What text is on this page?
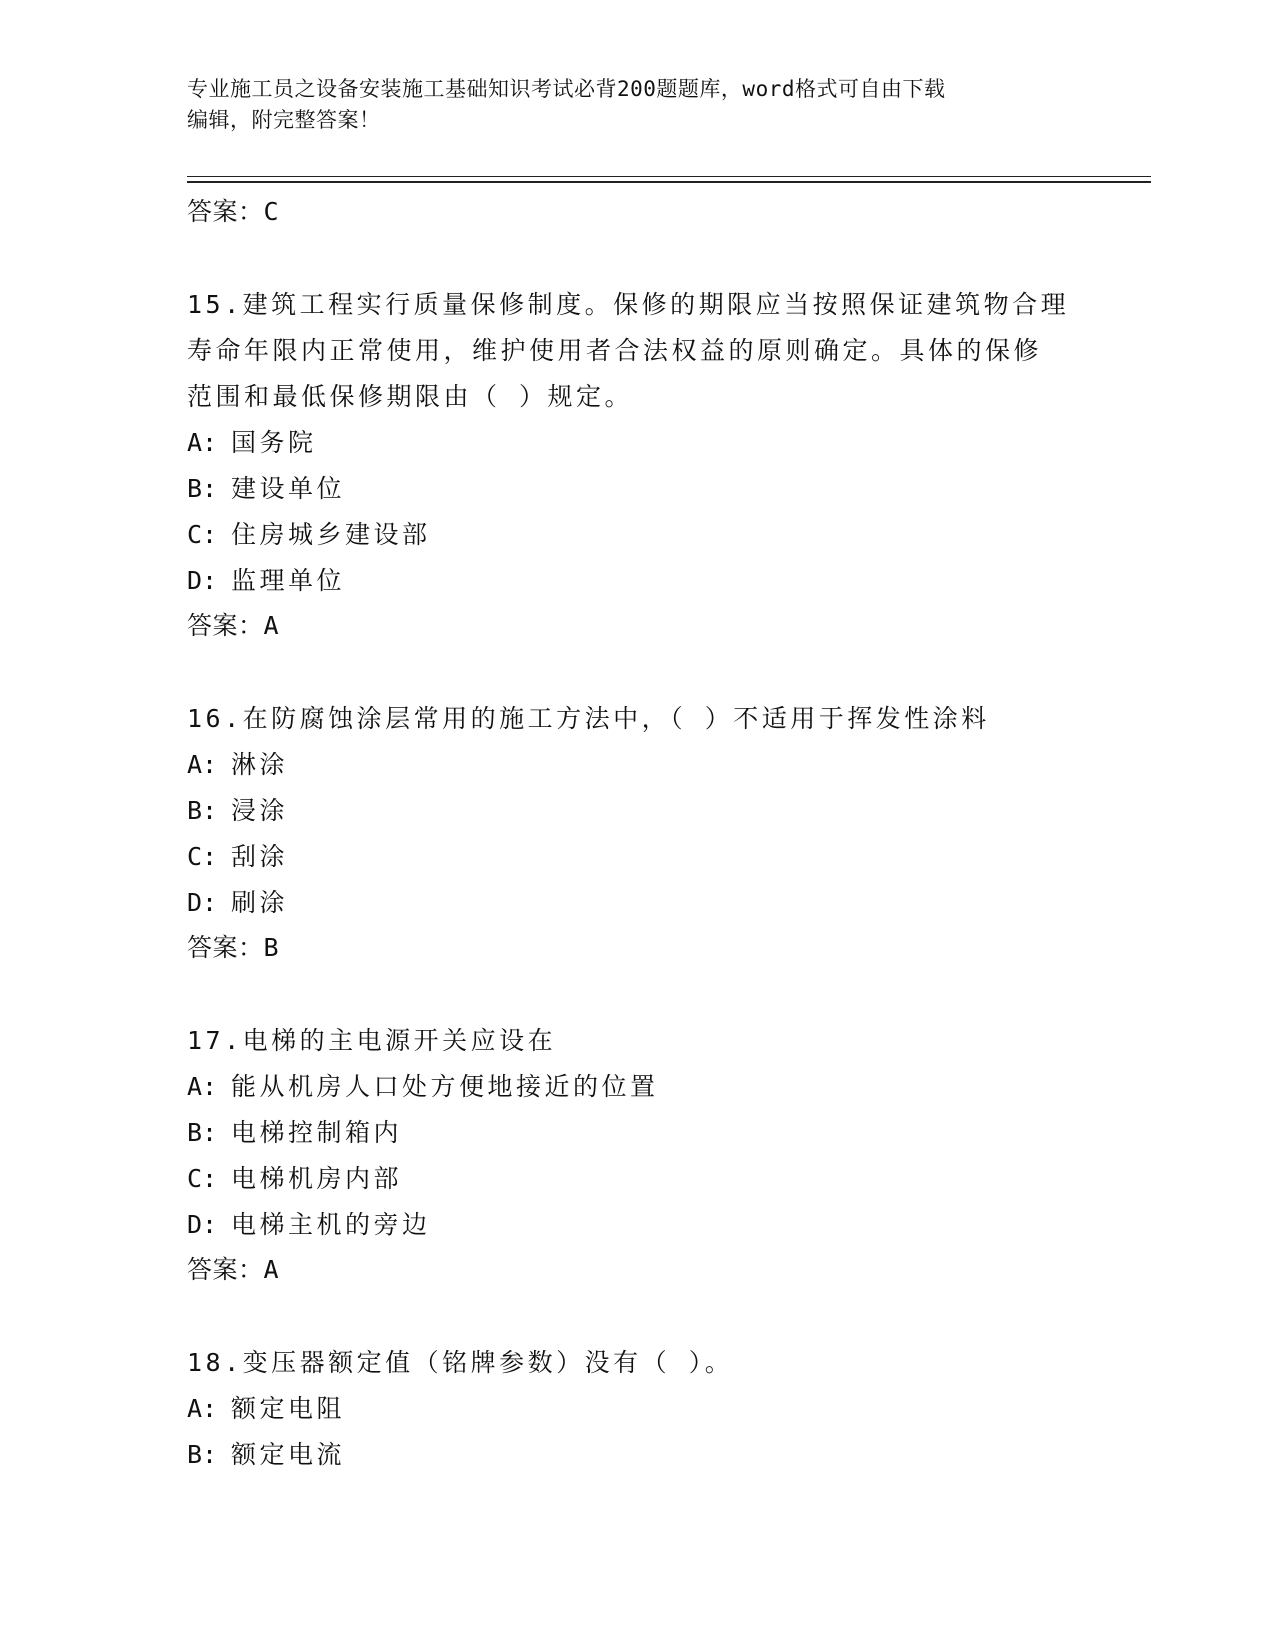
专业施工员之设备安装施工基础知识考试必背200题题库，word格式可自由下载
编辑，附完整答案！
答案：C
15.建筑工程实行质量保修制度。保修的期限应当按照保证建筑物合理
寿命年限内正常使用，维护使用者合法权益的原则确定。具体的保修
范围和最低保修期限由（ ）规定。
A: 国务院
B: 建设单位
C: 住房城乡建设部
D: 监理单位
答案：A
16.在防腐蚀涂层常用的施工方法中，（ ）不适用于挥发性涂料
A: 淋涂
B: 浸涂
C: 刮涂
D: 刷涂
答案：B
17.电梯的主电源开关应设在
A: 能从机房人口处方便地接近的位置
B: 电梯控制箱内
C: 电梯机房内部
D: 电梯主机的旁边
答案：A
18.变压器额定值（铭牌参数）没有（ ）。
A: 额定电阻
B: 额定电流
